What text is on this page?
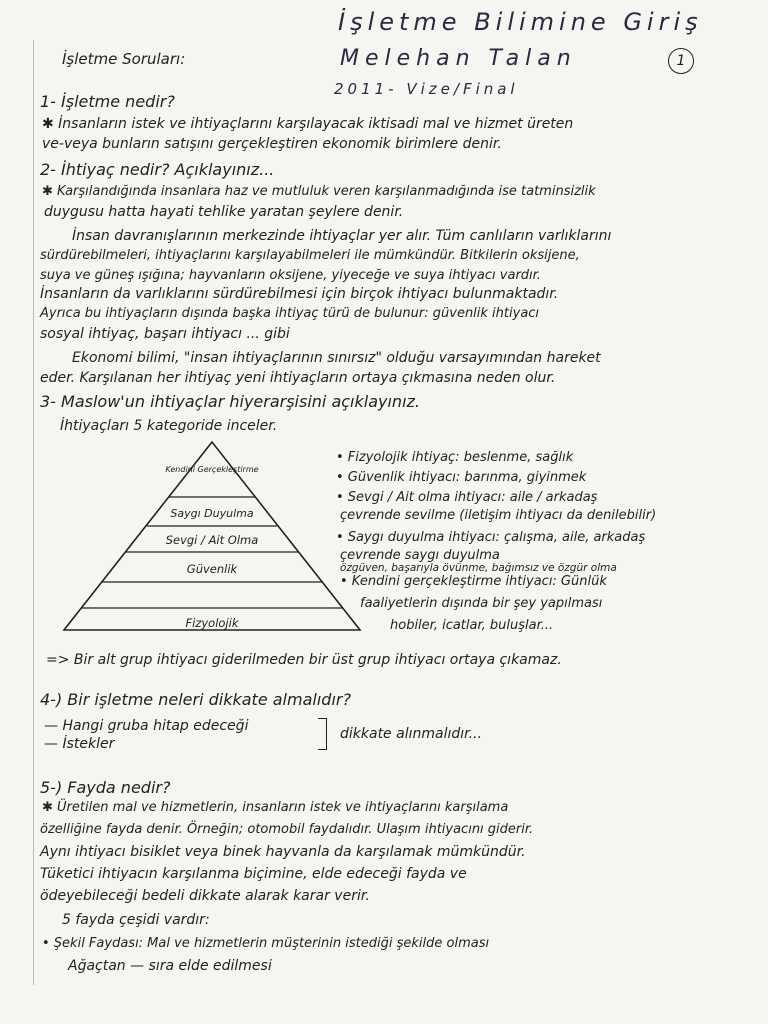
İşletme Bilimine Giriş
Melehan Talan
2011- Vize/Final
1
İşletme Soruları:
1- İşletme nedir?
✱ İnsanların istek ve ihtiyaçlarını karşılayacak iktisadi mal ve hizmet üreten
ve-veya bunların satışını gerçekleştiren ekonomik birimlere denir.
2- İhtiyaç nedir? Açıklayınız...
✱ Karşılandığında insanlara haz ve mutluluk veren karşılanmadığında ise tatminsizlik
duygusu hatta hayati tehlike yaratan şeylere denir.
İnsan davranışlarının merkezinde ihtiyaçlar yer alır. Tüm canlıların varlıklarını
sürdürebilmeleri, ihtiyaçlarını karşılayabilmeleri ile mümkündür. Bitkilerin oksijene,
suya ve güneş ışığına; hayvanların oksijene, yiyeceğe ve suya ihtiyacı vardır.
İnsanların da varlıklarını sürdürebilmesi için birçok ihtiyacı bulunmaktadır.
Ayrıca bu ihtiyaçların dışında başka ihtiyaç türü de bulunur: güvenlik ihtiyacı
sosyal ihtiyaç, başarı ihtiyacı ... gibi
Ekonomi bilimi, "insan ihtiyaçlarının sınırsız" olduğu varsayımından hareket
eder. Karşılanan her ihtiyaç yeni ihtiyaçların ortaya çıkmasına neden olur.
3- Maslow'un ihtiyaçlar hiyerarşisini açıklayınız.
İhtiyaçları 5 kategoride inceler.
Kendini Gerçekleştirme
Saygı Duyulma
Sevgi / Ait Olma
Güvenlik
Fizyolojik
• Fizyolojik ihtiyaç: beslenme, sağlık
• Güvenlik ihtiyacı: barınma, giyinmek
• Sevgi / Ait olma ihtiyacı: aile / arkadaş
çevrende sevilme (iletişim ihtiyacı da denilebilir)
• Saygı duyulma ihtiyacı: çalışma, aile, arkadaş
çevrende saygı duyulma
özgüven, başarıyla övünme, bağımsız ve özgür olma
• Kendini gerçekleştirme ihtiyacı: Günlük
faaliyetlerin dışında bir şey yapılması
hobiler, icatlar, buluşlar...
=> Bir alt grup ihtiyacı giderilmeden bir üst grup ihtiyacı ortaya çıkamaz.
4-) Bir işletme neleri dikkate almalıdır?
— Hangi gruba hitap edeceği
— İstekler
dikkate alınmalıdır...
5-) Fayda nedir?
✱ Üretilen mal ve hizmetlerin, insanların istek ve ihtiyaçlarını karşılama
özelliğine fayda denir. Örneğin; otomobil faydalıdır. Ulaşım ihtiyacını giderir.
Aynı ihtiyacı bisiklet veya binek hayvanla da karşılamak mümkündür.
Tüketici ihtiyacın karşılanma biçimine, elde edeceği fayda ve
ödeyebileceği bedeli dikkate alarak karar verir.
5 fayda çeşidi vardır:
• Şekil Faydası: Mal ve hizmetlerin müşterinin istediği şekilde olması
Ağaçtan — sıra elde edilmesi
